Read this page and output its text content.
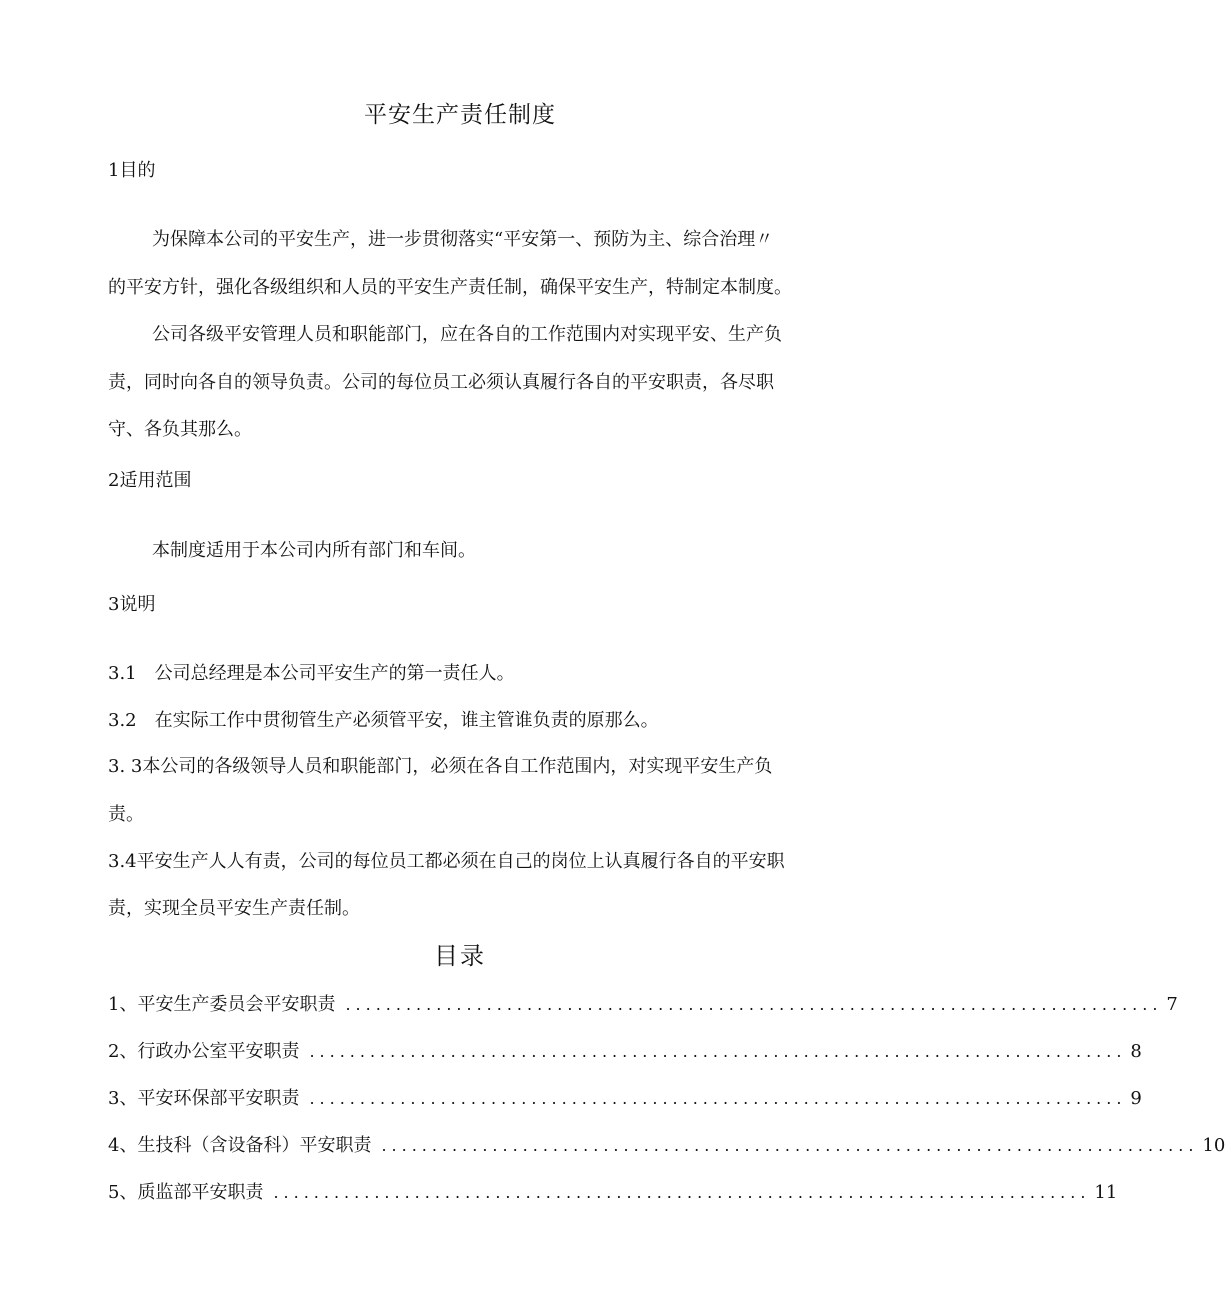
平安生产责任制度
1目的
为保障本公司的平安生产，进一步贯彻落实“平安第一、预防为主、综合治理〃
的平安方针，强化各级组织和人员的平安生产责任制，确保平安生产，特制定本制度。
公司各级平安管理人员和职能部门，应在各自的工作范围内对实现平安、生产负
责，同时向各自的领导负责。公司的每位员工必须认真履行各自的平安职责，各尽职
守、各负其那么。
2适用范围
本制度适用于本公司内所有部门和车间。
3说明
3.1　公司总经理是本公司平安生产的第一责任人。
3.2　在实际工作中贯彻管生产必须管平安，谁主管谁负责的原那么。
3. 3本公司的各级领导人员和职能部门，必须在各自工作范围内，对实现平安生产负
责。
3.4平安生产人人有责，公司的每位员工都必须在自己的岗位上认真履行各自的平安职
责，实现全员平安生产责任制。
目录
1、平安生产委员会平安职责 ................................................................................. 7
2、行政办公室平安职责 ................................................................................. 8
3、平安环保部平安职责 ................................................................................. 9
4、生技科（含设备科）平安职责 ................................................................................. 10
5、质监部平安职责 ................................................................................. 11
